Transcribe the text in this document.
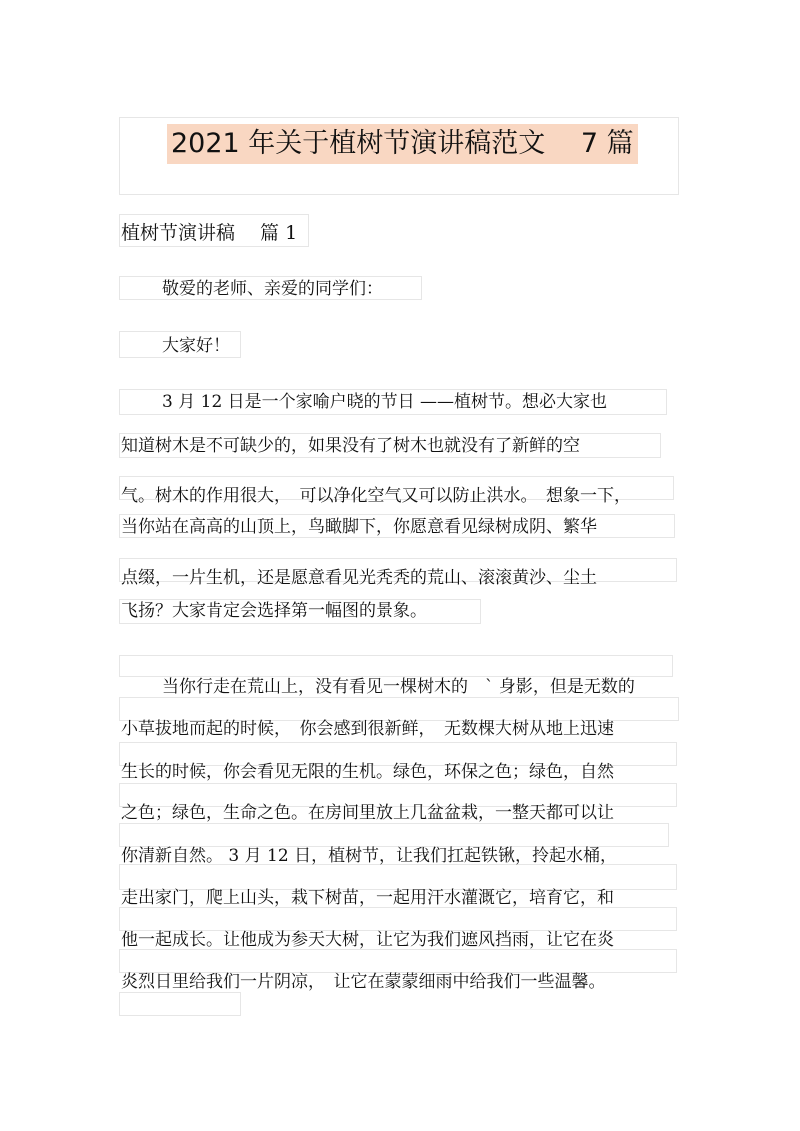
2021 年关于植树节演讲稿范文　 7 篇
植树节演讲稿　 篇 1
敬爱的老师、亲爱的同学们：
大家好！
3 月 12 日是一个家喻户晓的节日 ——植树节。想必大家也
知道树木是不可缺少的，如果没有了树木也就没有了新鲜的空
气。树木的作用很大，　可以净化空气又可以防止洪水。　想象一下，
当你站在高高的山顶上，鸟瞰脚下，你愿意看见绿树成阴、繁华
点缀，一片生机，还是愿意看见光秃秃的荒山、滚滚黄沙、尘土
飞扬？大家肯定会选择第一幅图的景象。
当你行走在荒山上，没有看见一棵树木的　` 身影，但是无数的
小草拔地而起的时候，　你会感到很新鲜，　无数棵大树从地上迅速
生长的时候，你会看见无限的生机。绿色，环保之色；绿色，自然
之色；绿色，生命之色。在房间里放上几盆盆栽，一整天都可以让
你清新自然。 3 月 12 日，植树节，让我们扛起铁锹，拎起水桶，
走出家门，爬上山头，栽下树苗，一起用汗水灌溉它，培育它，和
他一起成长。让他成为参天大树，让它为我们遮风挡雨，让它在炎
炎烈日里给我们一片阴凉，　让它在蒙蒙细雨中给我们一些温馨。
